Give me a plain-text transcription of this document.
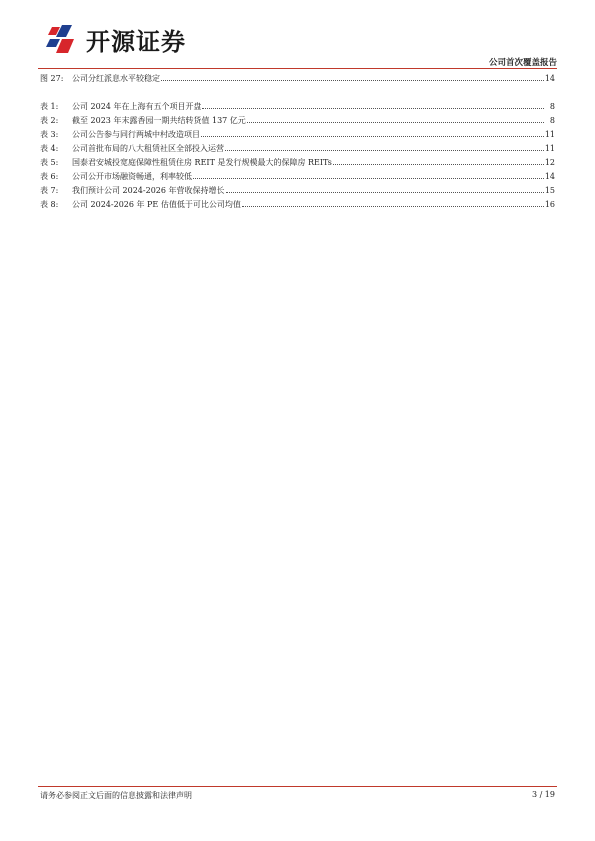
开源证券
公司首次覆盖报告
图 27:	公司分红派息水平较稳定	14
表 1:	公司 2024 年在上海有五个项目开盘	8
表 2:	截至 2023 年末露香园一期共结转货值 137 亿元	8
表 3:	公司公告参与同行两城中村改造项目	11
表 4:	公司首批布局的八大租赁社区全部投入运营	11
表 5:	国泰君安城投宽庭保障性租赁住房 REIT 是发行规模最大的保障房 REITs	12
表 6:	公司公开市场融资畅通，利率较低	14
表 7:	我们预计公司 2024-2026 年营收保持增长	15
表 8:	公司 2024-2026 年 PE 估值低于可比公司均值	16
请务必参阅正文后面的信息披露和法律声明	3 / 19
